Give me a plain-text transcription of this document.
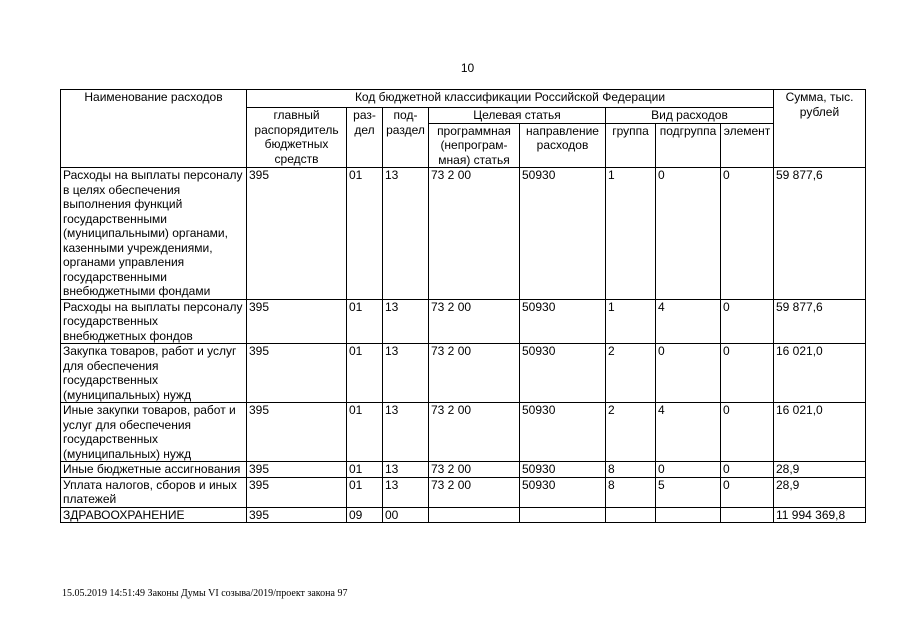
10
Наименование расходов	Код бюджетной классификации Российской Федерации								Сумма, тыс. рублей
	главный распорядитель бюджетных средств	раз-дел	под-раздел	Целевая статья		Вид расходов			
				программная (непрограм-мная) статья	направление расходов	группа	подгруппа	элемент	
Расходы на выплаты персоналу в целях обеспечения выполнения функций государственными (муниципальными) органами, казенными учреждениями, органами управления государственными внебюджетными фондами	395	01	13	73 2 00	50930	1	0	0	59 877,6
Расходы на выплаты персоналу государственных внебюджетных фондов	395	01	13	73 2 00	50930	1	4	0	59 877,6
Закупка товаров, работ и услуг для обеспечения государственных (муниципальных) нужд	395	01	13	73 2 00	50930	2	0	0	16 021,0
Иные закупки товаров, работ и услуг для обеспечения государственных (муниципальных) нужд	395	01	13	73 2 00	50930	2	4	0	16 021,0
Иные бюджетные ассигнования	395	01	13	73 2 00	50930	8	0	0	28,9
Уплата налогов, сборов и иных платежей	395	01	13	73 2 00	50930	8	5	0	28,9
ЗДРАВООХРАНЕНИЕ	395	09	00						11 994 369,8
15.05.2019 14:51:49 Законы Думы VI созыва/2019/проект закона 97
